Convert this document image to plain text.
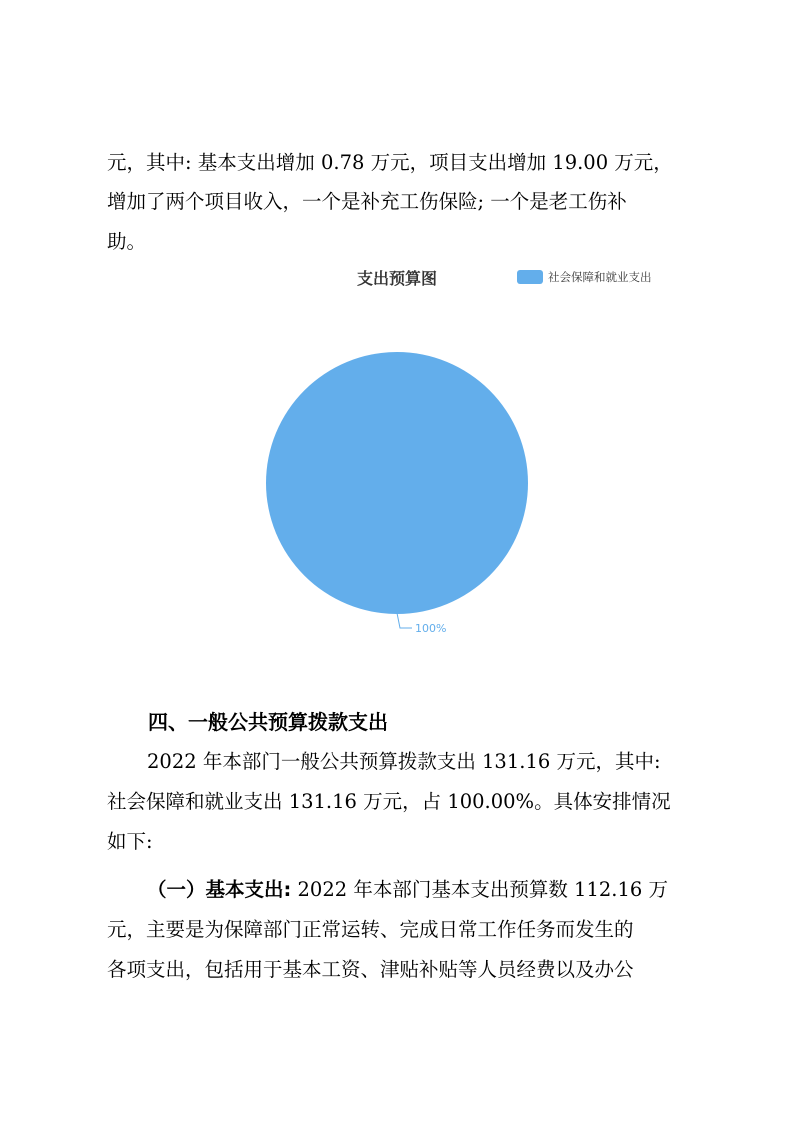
元，其中: 基本支出增加 0.78 万元，项目支出增加 19.00 万元，
增加了两个项目收入，一个是补充工伤保险; 一个是老工伤补
助。
支出预算图	社会保障和就业支出
100%
四、一般公共预算拨款支出
2022 年本部门一般公共预算拨款支出 131.16 万元，其中:
社会保障和就业支出 131.16 万元，占 100.00%。具体安排情况
如下:
（一）基本支出: 2022 年本部门基本支出预算数 112.16 万
元，主要是为保障部门正常运转、完成日常工作任务而发生的
各项支出，包括用于基本工资、津贴补贴等人员经费以及办公
